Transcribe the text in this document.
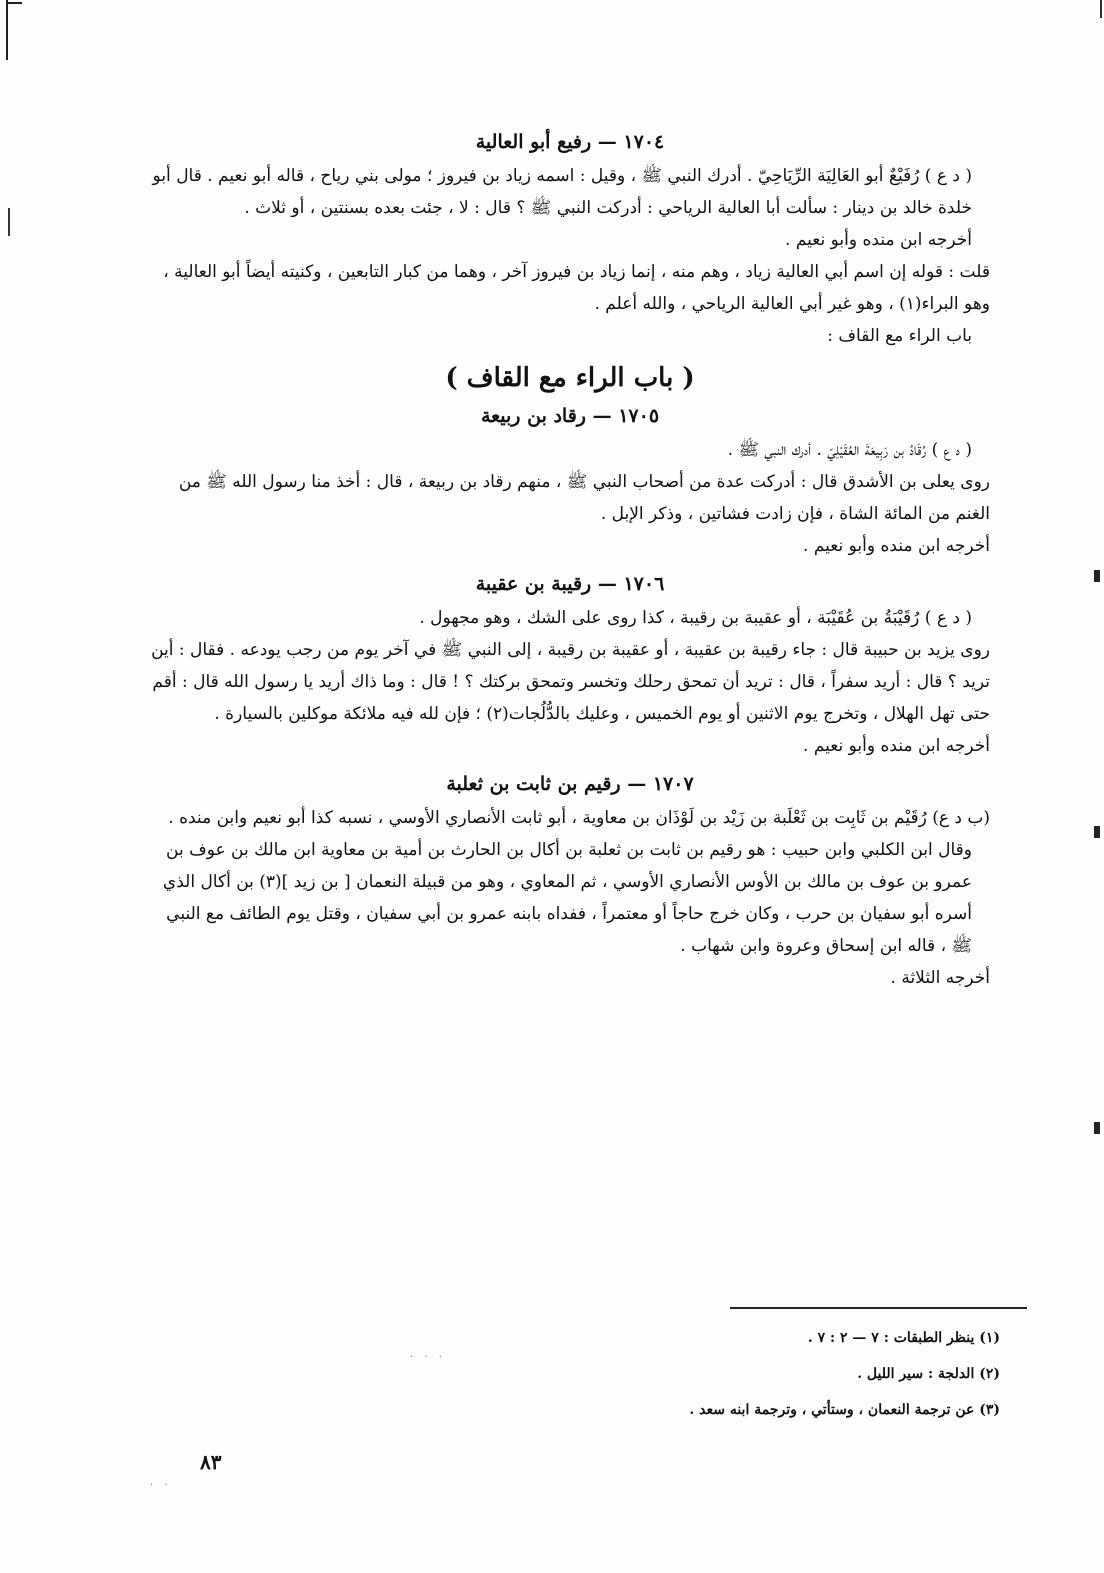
١٧٠٤ — رفيع أبو العالية

( د ع ) رُفَيْعٌ أبو العَالِيَة الرِّيَاحِيّ . أدرك النبي ﷺ ، وقيل : اسمه زياد بن فيروز ؛ مولى بني رياح ، قاله أبو نعيم . قال أبو خلدة خالد بن دينار : سألت أبا العالية الرياحي : أدركت النبي ﷺ ؟ قال : لا ، جئت بعده بسنتين ، أو ثلاث .

أخرجه ابن منده وأبو نعيم .

قلت : قوله إن اسم أبي العالية زياد ، وهم منه ، إنما زياد بن فيروز آخر ، وهما من كبار التابعين ، وكنيته أيضاً أبو العالية ، وهو البراء(١) ، وهو غير أبي العالية الرياحي ، والله أعلم .

باب الراء مع القاف :

( باب الراء مع القاف )
١٧٠٥ — رقاد بن ربيعة

( د ع ) رُقَادُ بن رَبِيعَةَ العُقَيْلِيّ . أدرك النبي ﷺ .

روى يعلى بن الأشدق قال : أدركت عدة من أصحاب النبي ﷺ ، منهم رقاد بن ربيعة ، قال : أخذ منا رسول الله ﷺ من الغنم من المائة الشاة ، فإن زادت فشاتين ، وذكر الإبل .

أخرجه ابن منده وأبو نعيم .

١٧٠٦ — رقيبة بن عقيبة

( د ع ) رُقَيْبَةُ بن عُقَيْبَة ، أو عقيبة بن رقيبة ، كذا روى على الشك ، وهو مجهول .

روى يزيد بن حبيبة قال : جاء رقيبة بن عقيبة ، أو عقيبة بن رقيبة ، إلى النبي ﷺ في آخر يوم من رجب يودعه . فقال : أين تريد ؟ قال : أريد سفراً ، قال : تريد أن تمحق رحلك وتخسر وتمحق بركتك ؟ ! قال : وما ذاك أريد يا رسول الله قال : أقم حتى تهل الهلال ، وتخرج يوم الاثنين أو يوم الخميس ، وعليك بالدُّلُجات(٢) ؛ فإن لله فيه ملائكة موكلين بالسيارة .

أخرجه ابن منده وأبو نعيم .

١٧٠٧ — رقيم بن ثابت بن ثعلبة

(ب د ع) رُقَيْم بن ثَابِت بن ثَعْلَبة بن زَيْد بن لَوْذَان بن معاوية ، أبو ثابت الأنصاري الأوسي ، نسبه كذا أبو نعيم وابن منده .

وقال ابن الكلبي وابن حبيب : هو رقيم بن ثابت بن ثعلبة بن أكال بن الحارث بن أمية بن معاوية ابن مالك بن عوف بن عمرو بن عوف بن مالك بن الأوس الأنصاري الأوسي ، ثم المعاوي ، وهو من قبيلة النعمان [ بن زيد ](٣) بن أكال الذي أسره أبو سفيان بن حرب ، وكان خرج حاجاً أو معتمراً ، ففداه بابنه عمرو بن أبي سفيان ، وقتل يوم الطائف مع النبي ﷺ ، قاله ابن إسحاق وعروة وابن شهاب .

أخرجه الثلاثة .

(١) ينظر الطبقات : ٧ — ٢ : ٧ .
(٢) الدلجة : سير الليل .
(٣) عن ترجمة النعمان ، وستأتي ، وترجمة ابنه سعد .
٨٣
· · ·
· ·
